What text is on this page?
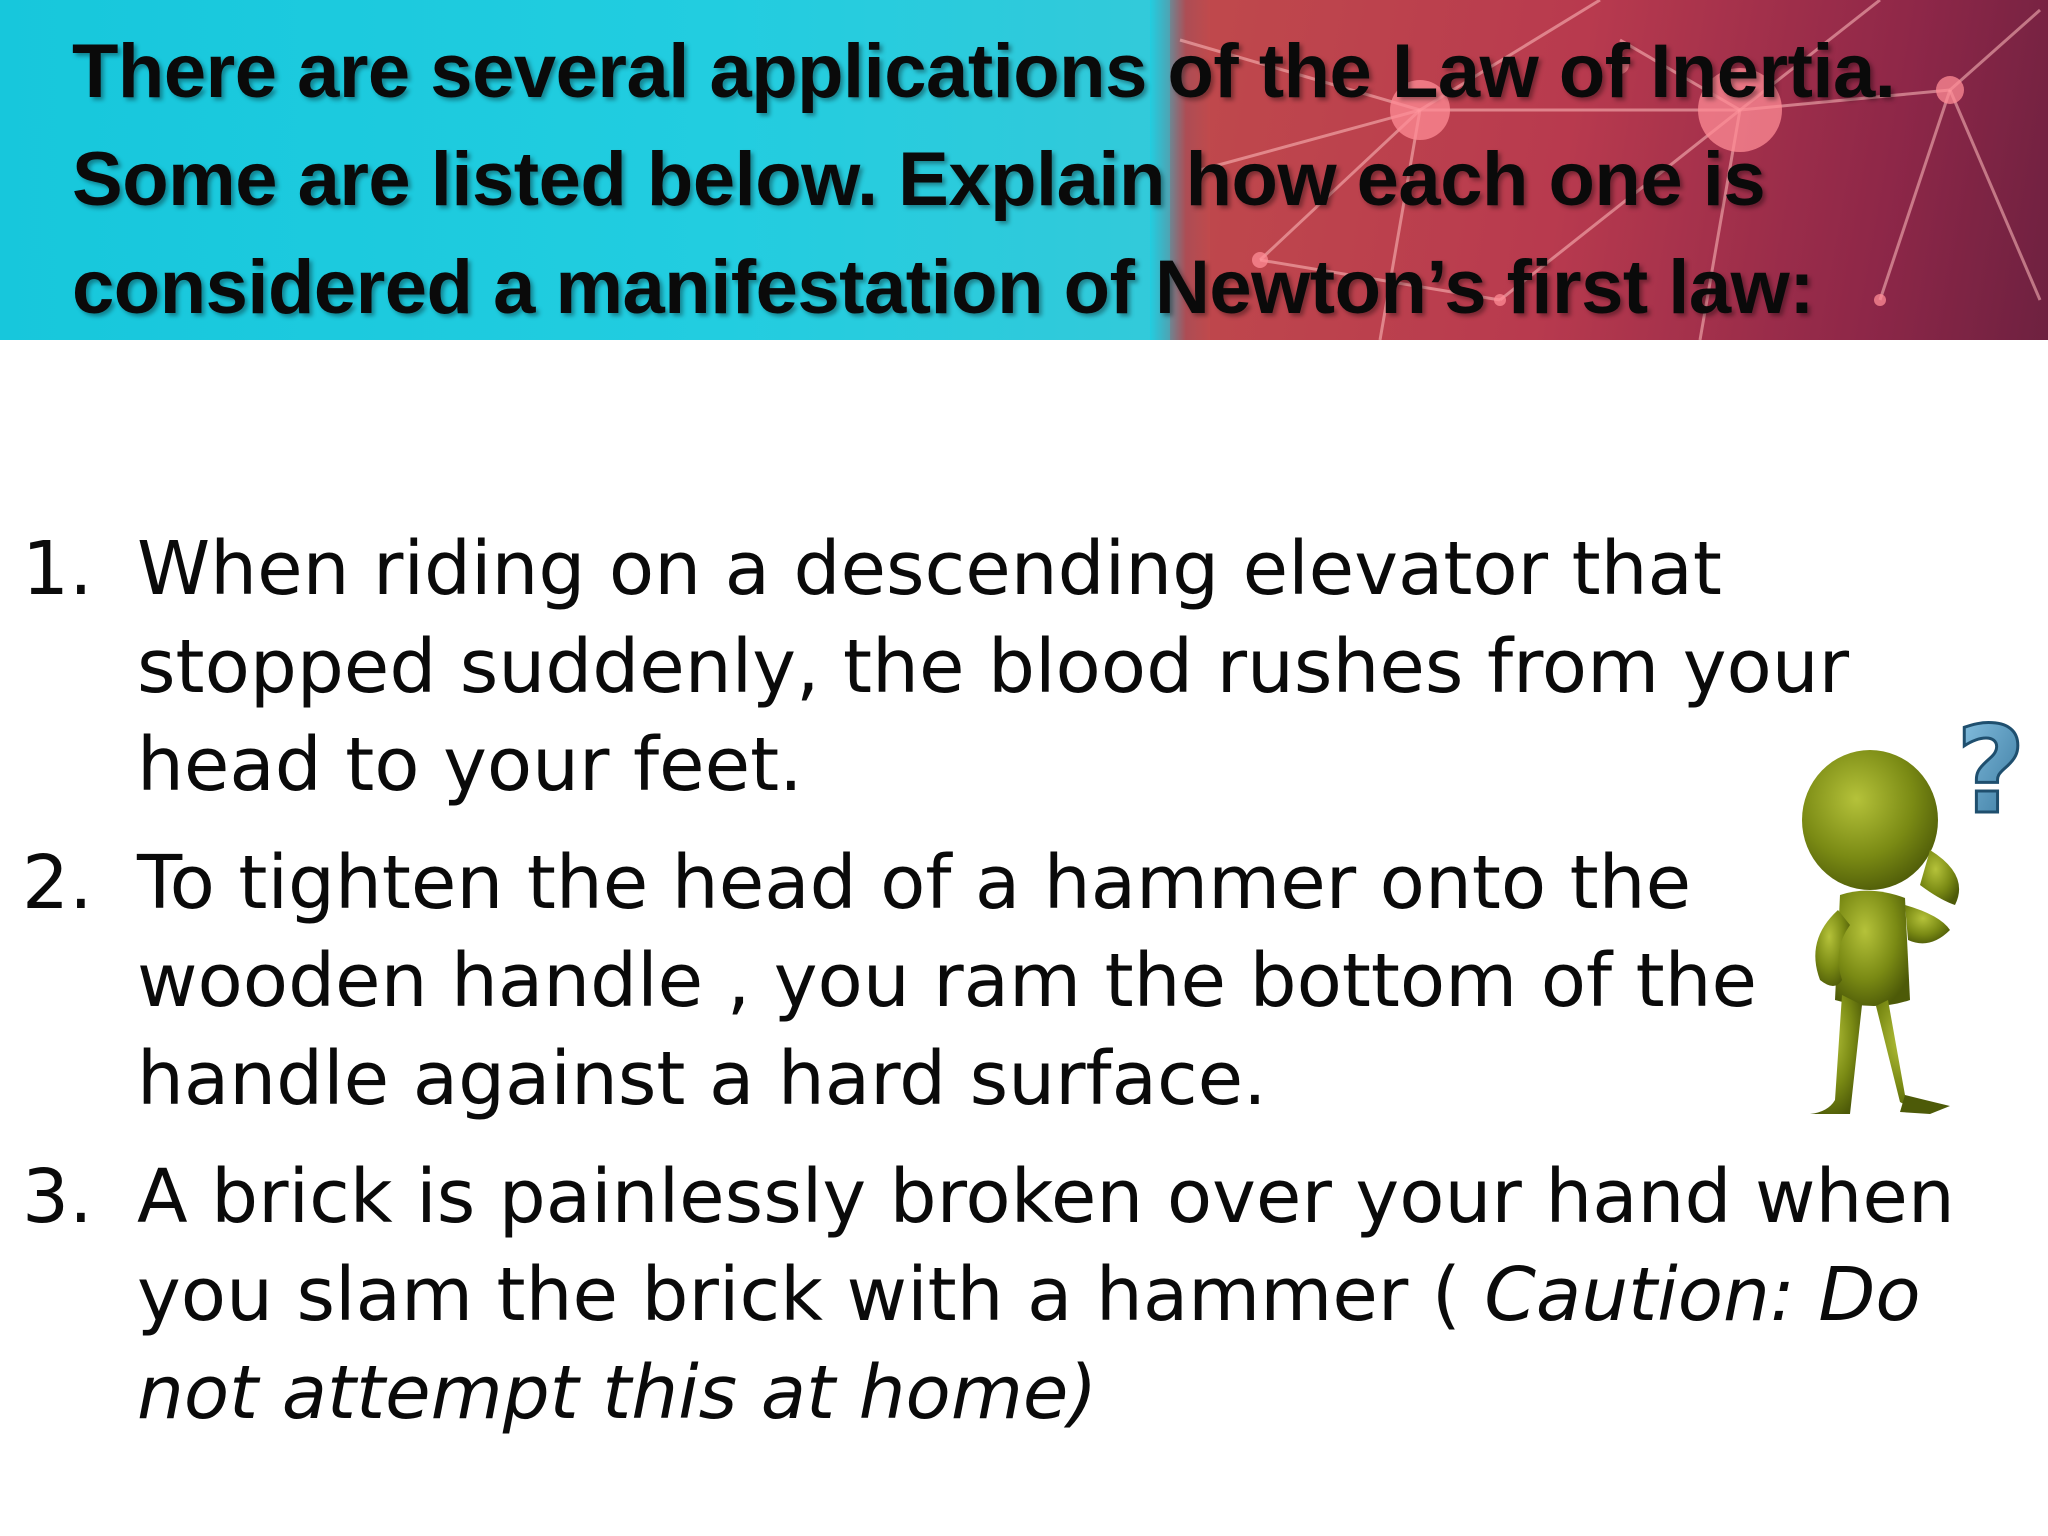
There are several applications of the Law of Inertia. Some are listed below. Explain how each one is considered a manifestation of Newton’s first law:
1. When riding on a descending elevator that stopped suddenly, the blood rushes from your head to your feet.
2. To tighten the head of a hammer onto the wooden handle , you ram the bottom of the handle against a hard surface.
3. A brick is painlessly broken over your hand when you slam the brick with a hammer ( Caution: Do not attempt this at home)
?
